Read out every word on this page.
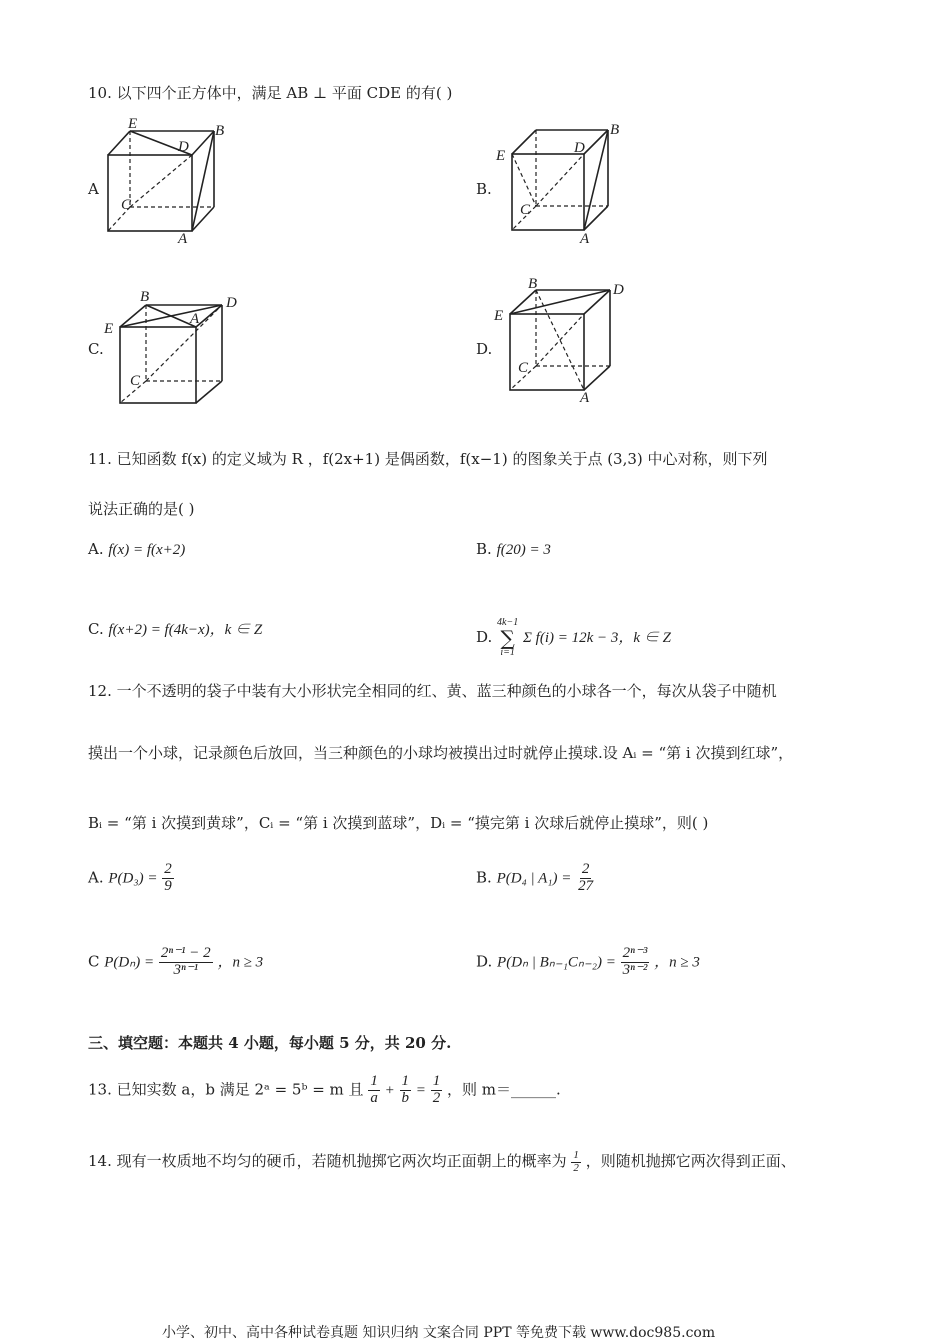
10. 以下四个正方体中，满足 AB ⊥ 平面 CDE 的有( )
A
E
D
B
C
A
B.
E	D
B
C
A
C.
E
B
A
D
C
D.
E
B	D
C
A
11. 已知函数 f(x) 的定义域为 R ，f(2x+1) 是偶函数，f(x−1) 的图象关于点 (3,3) 中心对称，则下列
说法正确的是( )
A. f(x) = f(x+2)	B. f(20) = 3
C. f(x+2) = f(4k−x)，k ∈ Z	D.
4k−1
∑
i=1
Σ f(i) = 12k − 3，k ∈ Z
12. 一个不透明的袋子中装有大小形状完全相同的红、黄、蓝三种颜色的小球各一个，每次从袋子中随机
摸出一个小球，记录颜色后放回，当三种颜色的小球均被摸出过时就停止摸球.设 Aᵢ = “第 i 次摸到红球”，
Bᵢ = “第 i 次摸到黄球”，Cᵢ = “第 i 次摸到蓝球”，Dᵢ = “摸完第 i 次球后就停止摸球”，则( )
A. $P(D_3) = \frac{2}{9}$	B. P(D₄ | $A_1) = \frac{2}{27}$
C $P(D_n) = \frac{\text{2ⁿ⁻¹ − 2}}{\text{3ⁿ⁻¹}}$ ，n ≥ 3	D. P(Dₙ | $B_{n-1}C_{n-2}) = \frac{\text{2ⁿ⁻³}}{\text{3ⁿ⁻²}}$ ，n ≥ 3
三、填空题：本题共 4 小题，每小题 5 分，共 20 分.
13. 已知实数 a，b 满足 2ᵃ = 5ᵇ = m 且 $\frac{1}{a} + \frac{1}{b} = \frac{1}{2}$ ，则 m＝______.
14. 现有一枚质地不均匀的硬币，若随机抛掷它两次均正面朝上的概率为 $\frac{1}{2}$ ，则随机抛掷它两次得到正面、
小学、初中、高中各种试卷真题 知识归纳 文案合同 PPT 等免费下载 www.doc985.com
